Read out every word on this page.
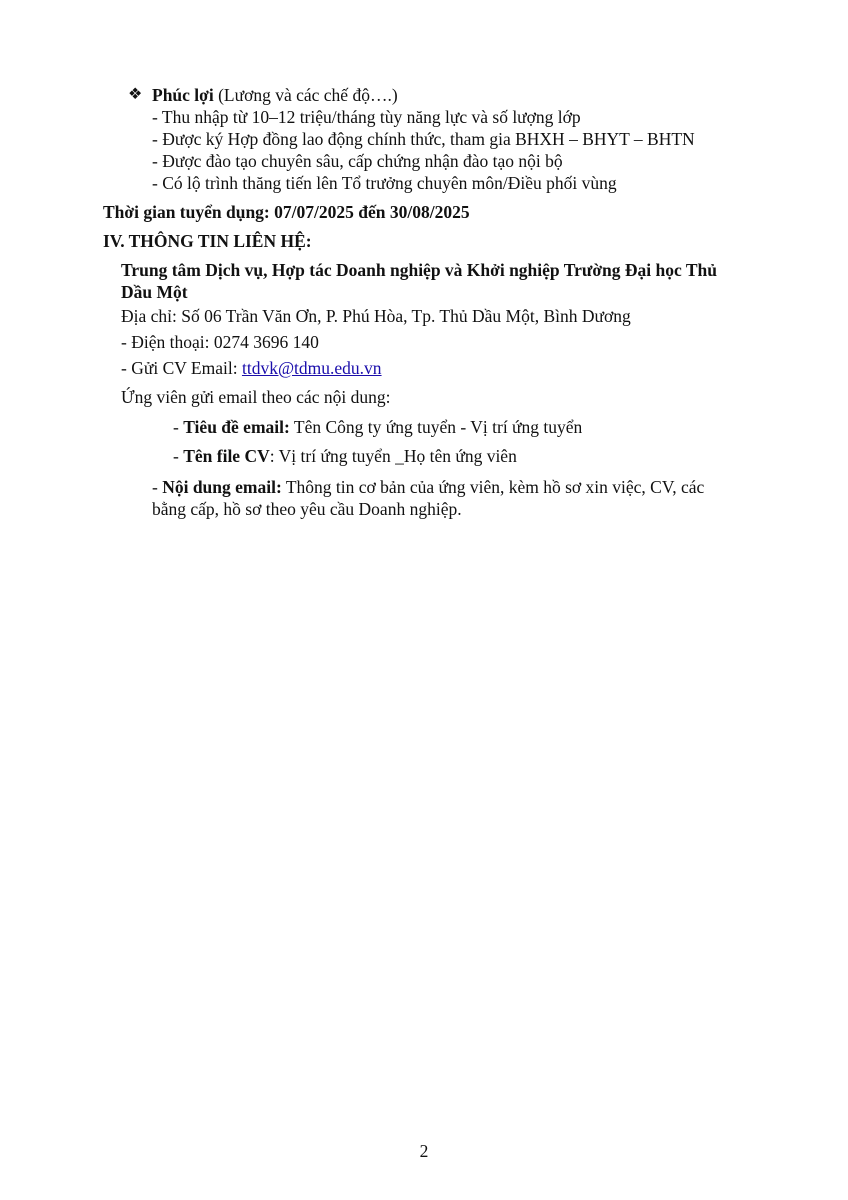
❖ Phúc lợi (Lương và các chế độ….)
- Thu nhập từ 10–12 triệu/tháng tùy năng lực và số lượng lớp
- Được ký Hợp đồng lao động chính thức, tham gia BHXH – BHYT – BHTN
- Được đào tạo chuyên sâu, cấp chứng nhận đào tạo nội bộ
- Có lộ trình thăng tiến lên Tổ trưởng chuyên môn/Điều phối vùng
Thời gian tuyển dụng: 07/07/2025 đến 30/08/2025
IV. THÔNG TIN LIÊN HỆ:
Trung tâm Dịch vụ, Hợp tác Doanh nghiệp và Khởi nghiệp Trường Đại học Thủ
Dầu Một
Địa chỉ: Số 06 Trần Văn Ơn, P. Phú Hòa, Tp. Thủ Dầu Một, Bình Dương
- Điện thoại: 0274 3696 140
- Gửi CV Email: ttdvk@tdmu.edu.vn
Ứng viên gửi email theo các nội dung:
- Tiêu đề email: Tên Công ty ứng tuyển - Vị trí ứng tuyển
- Tên file CV: Vị trí ứng tuyển _Họ tên ứng viên
- Nội dung email: Thông tin cơ bản của ứng viên, kèm hồ sơ xin việc, CV, các
bằng cấp, hồ sơ theo yêu cầu Doanh nghiệp.
2
